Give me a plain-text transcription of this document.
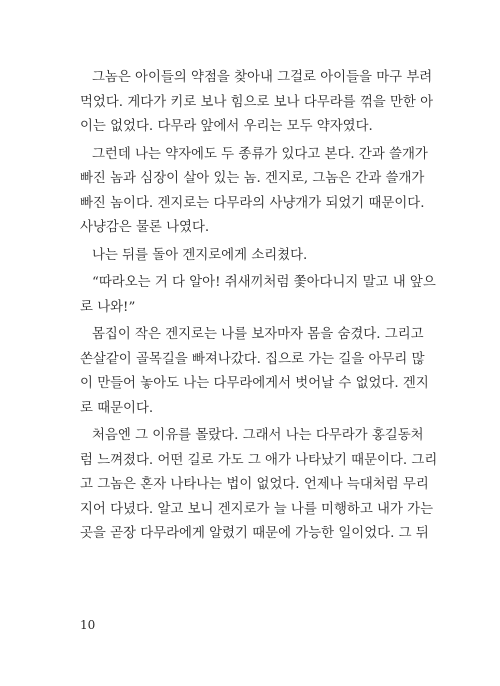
그놈은 아이들의 약점을 찾아내 그걸로 아이들을 마구 부려
먹었다. 게다가 키로 보나 힘으로 보나 다무라를 꺾을 만한 아
이는 없었다. 다무라 앞에서 우리는 모두 약자였다.
그런데 나는 약자에도 두 종류가 있다고 본다. 간과 쓸개가
빠진 놈과 심장이 살아 있는 놈. 겐지로, 그놈은 간과 쓸개가
빠진 놈이다. 겐지로는 다무라의 사냥개가 되었기 때문이다.
사냥감은 물론 나였다.
나는 뒤를 돌아 겐지로에게 소리쳤다.
“따라오는 거 다 알아! 쥐새끼처럼 쫓아다니지 말고 내 앞으
로 나와!”
몸집이 작은 겐지로는 나를 보자마자 몸을 숨겼다. 그리고
쏜살같이 골목길을 빠져나갔다. 집으로 가는 길을 아무리 많
이 만들어 놓아도 나는 다무라에게서 벗어날 수 없었다. 겐지
로 때문이다.
처음엔 그 이유를 몰랐다. 그래서 나는 다무라가 홍길동처
럼 느껴졌다. 어떤 길로 가도 그 애가 나타났기 때문이다. 그리
고 그놈은 혼자 나타나는 법이 없었다. 언제나 늑대처럼 무리
지어 다녔다. 알고 보니 겐지로가 늘 나를 미행하고 내가 가는
곳을 곧장 다무라에게 알렸기 때문에 가능한 일이었다. 그 뒤
10
